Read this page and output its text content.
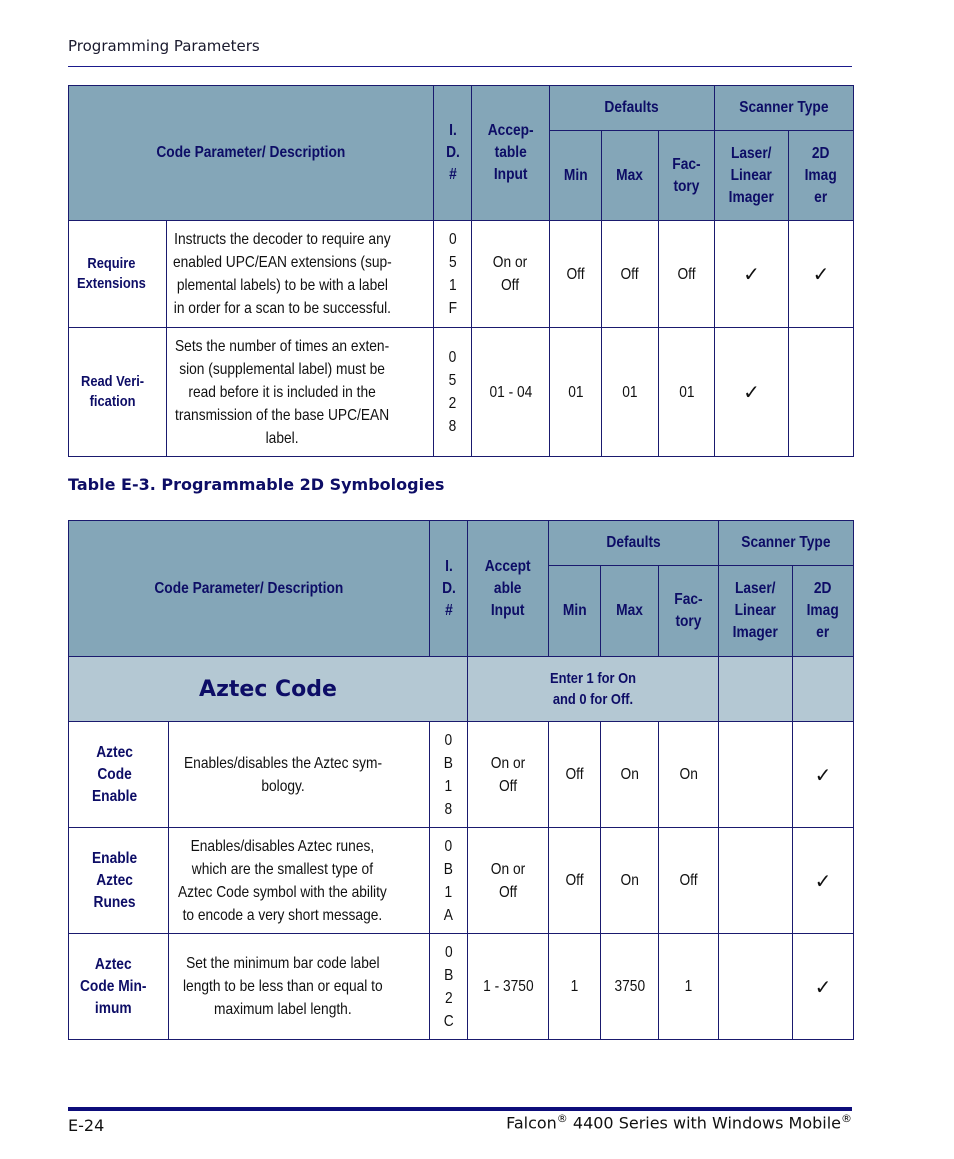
Programming Parameters
Code Parameter/ Description		I.
D.
#	Accep-
table
Input	Defaults			Scanner Type	
				Min	Max	Fac-
tory	Laser/
Linear
Imager	2D
Imag
er
Require
Extensions	Instructs the decoder to require any
enabled UPC/EAN extensions (sup-
plemental labels) to be with a label
in order for a scan to be successful.	0
5
1
F	On or
Off	Off	Off	Off	✓	✓
Read Veri-
fication	Sets the number of times an exten-
sion (supplemental label) must be
read before it is included in the
transmission of the base UPC/EAN
label.	0
5
2
8	01 - 04	01	01	01	✓	
Table E-3. Programmable 2D Symbologies
Code Parameter/ Description		I.
D.
#	Accept
able
Input	Defaults			Scanner Type	
				Min	Max	Fac-
tory	Laser/
Linear
Imager	2D
Imag
er
Aztec Code			Enter 1 for On
and 0 for Off.					
Aztec
Code
Enable	Enables/disables the Aztec sym-
bology.	0
B
1
8	On or
Off	Off	On	On		✓
Enable
Aztec
Runes	Enables/disables Aztec runes,
which are the smallest type of
Aztec Code symbol with the ability
to encode a very short message.	0
B
1
A	On or
Off	Off	On	Off		✓
Aztec
Code Min-
imum	Set the minimum bar code label
length to be less than or equal to
maximum label length.	0
B
2
C	1 - 3750	1	3750	1		✓
E-24	Falcon® 4400 Series with Windows Mobile®
